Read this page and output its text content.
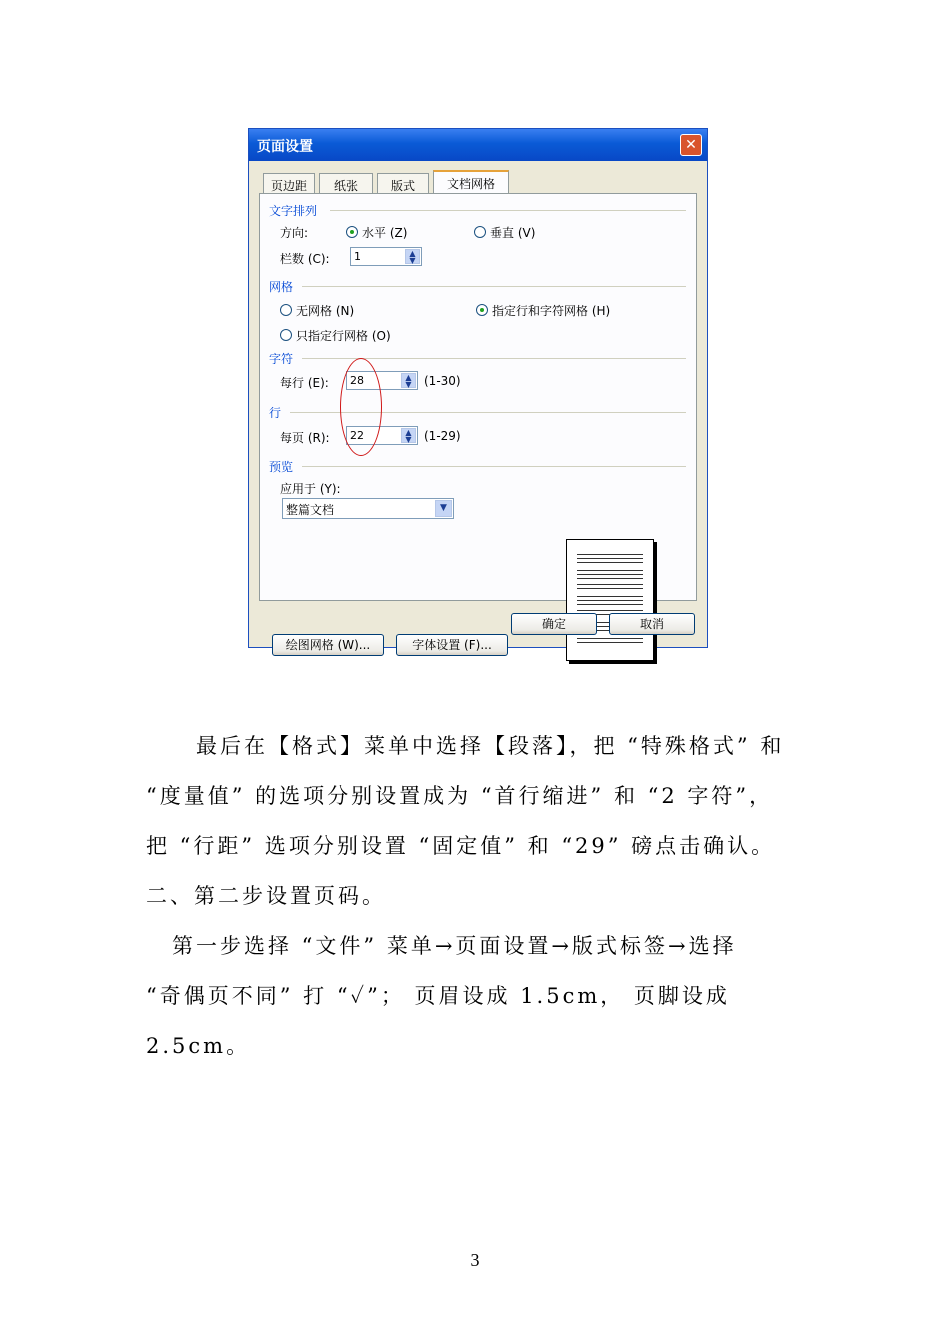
页面设置	✕
页边距	纸张	版式	文档网格
文字排列
方向:	水平 (Z)	垂直 (V)
栏数 (C):	1	▲
▼
网格
无网格 (N)	指定行和字符网格 (H)
只指定行网格 (O)
字符
每行 (E):	28	▲
▼	(1-30)
行
每页 (R):	22	▲
▼	(1-29)
预览
应用于 (Y):
整篇文档	▼
绘图网格 (W)...	字体设置 (F)...
确定	取消
最后在【格式】菜单中选择【段落】，把 “特殊格式” 和
“度量值” 的选项分别设置成为 “首行缩进” 和 “2 字符”，
把 “行距” 选项分别设置 “固定值” 和 “29” 磅点击确认。
二、第二步设置页码。
第一步选择 “文件” 菜单→页面设置→版式标签→选择
“奇偶页不同” 打 “✓”； 页眉设成 1.5cm， 页脚设成
2.5cm。
3
